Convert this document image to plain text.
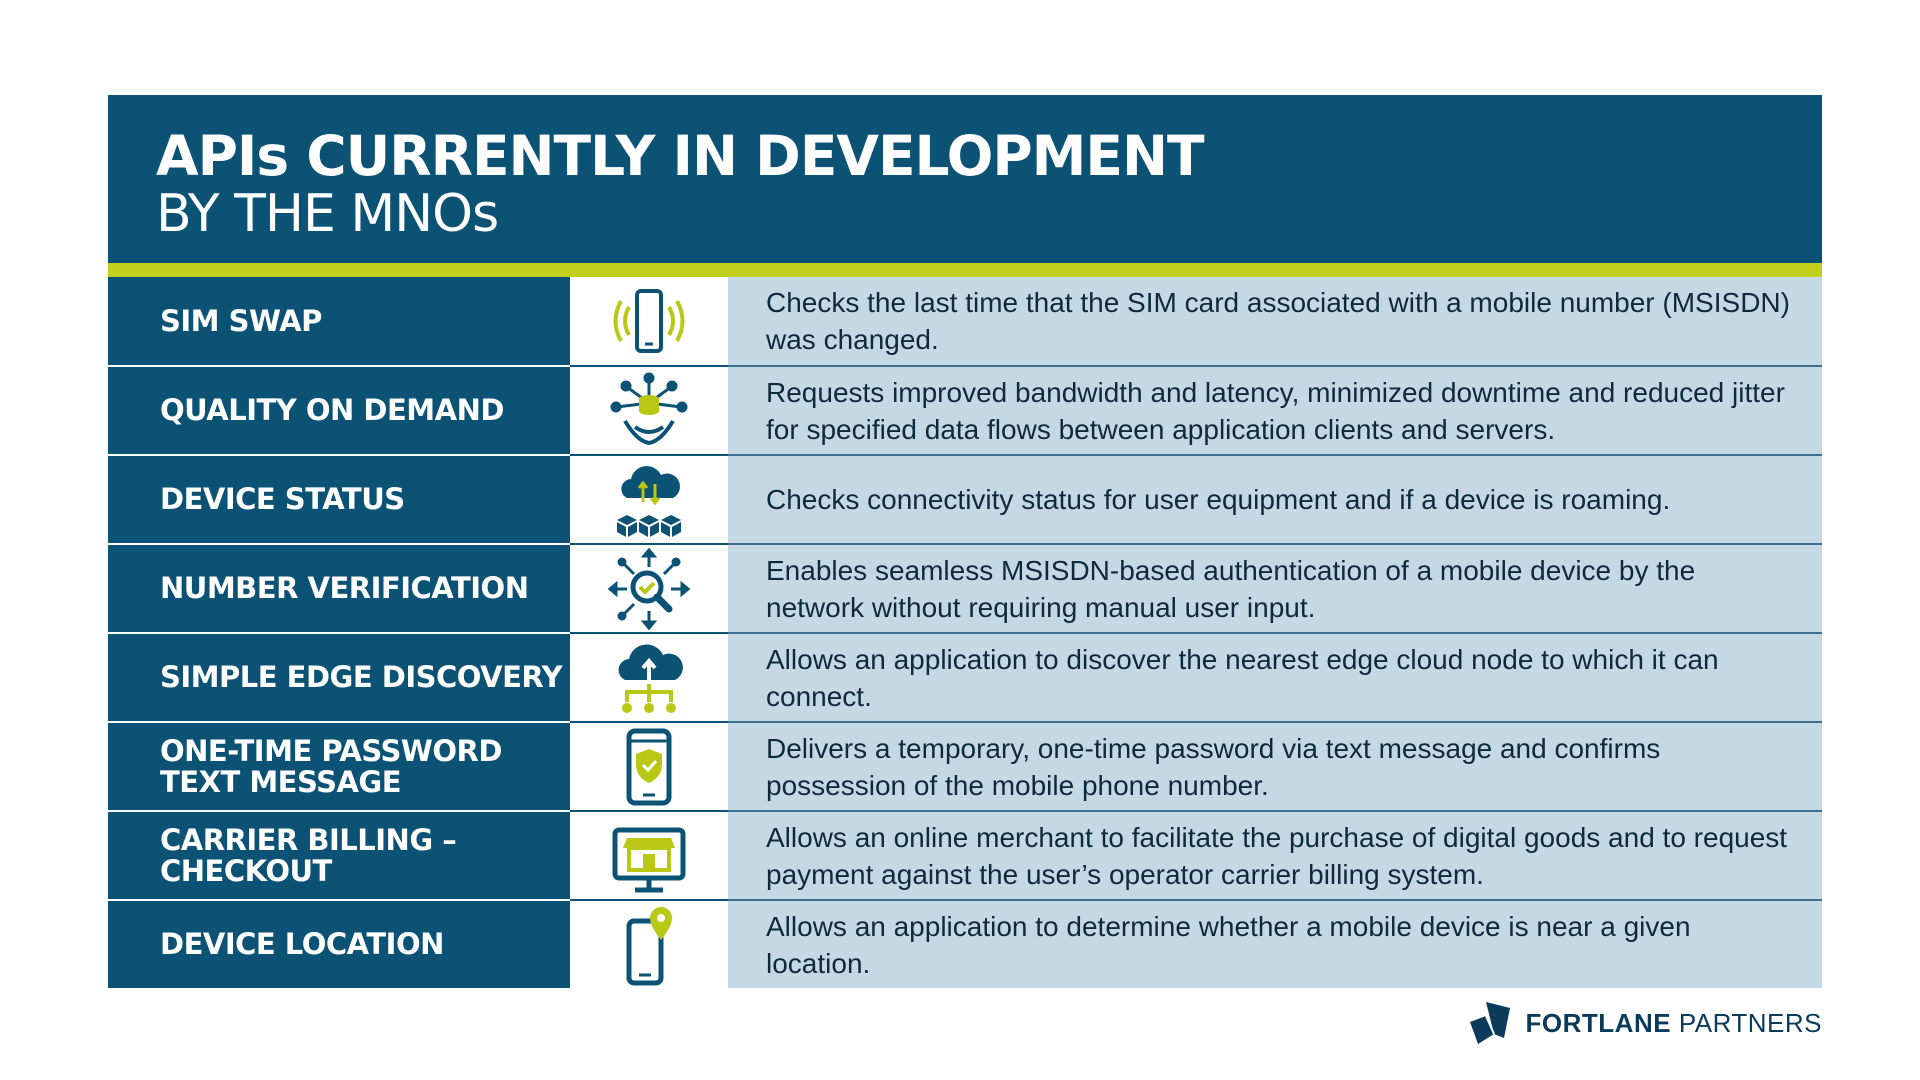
APIs CURRENTLY IN DEVELOPMENT
BY THE MNOs
SIM SWAP
Checks the last time that the SIM card associated with a mobile number (MSISDN) was changed.
QUALITY ON DEMAND
Requests improved bandwidth and latency, minimized downtime and reduced jitter for specified data flows between application clients and servers.
DEVICE STATUS	Checks connectivity status for user equipment and if a device is roaming.
NUMBER VERIFICATION
Enables seamless MSISDN-based authentication of a mobile device by the network without requiring manual user input.
SIMPLE EDGE DISCOVERY
Allows an application to discover the nearest edge cloud node to which it can connect.
ONE-TIME PASSWORD
TEXT MESSAGE
Delivers a temporary, one-time password via text message and confirms possession of the mobile phone number.
CARRIER BILLING –
CHECKOUT
Allows an online merchant to facilitate the purchase of digital goods and to request payment against the user’s operator carrier billing system.
DEVICE LOCATION
Allows an application to determine whether a mobile device is near a given location.
FORTLANE PARTNERS
